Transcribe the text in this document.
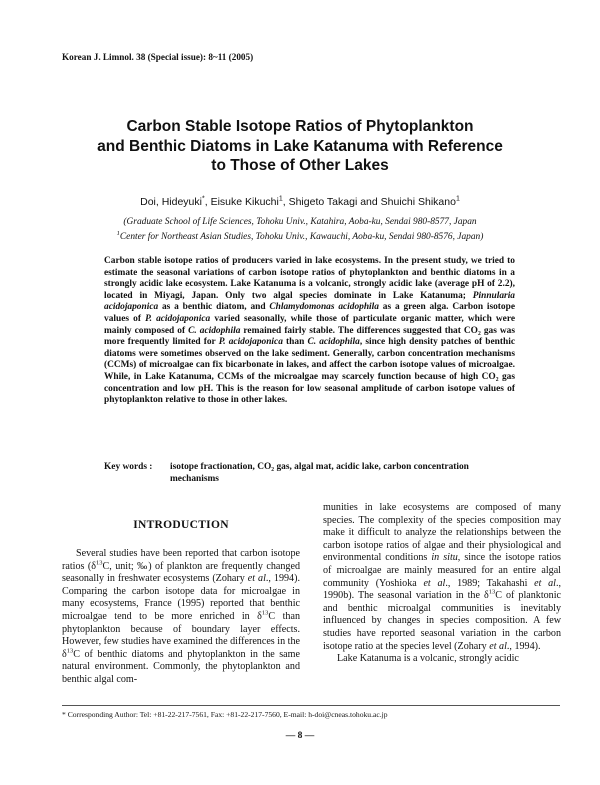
Korean J. Limnol. 38 (Special issue): 8~11 (2005)
Carbon Stable Isotope Ratios of Phytoplankton
and Benthic Diatoms in Lake Katanuma with Reference
to Those of Other Lakes
Doi, Hideyuki*, Eisuke Kikuchi$^1$, Shigeto Takagi and Shuichi Shikano$^1$
(Graduate School of Life Sciences, Tohoku Univ., Katahira, Aoba-ku, Sendai 980-8577, Japan
$^1$Center for Northeast Asian Studies, Tohoku Univ., Kawauchi, Aoba-ku, Sendai 980-8576, Japan)
Carbon stable isotope ratios of producers varied in lake ecosystems. In the present study, we tried to estimate the seasonal variations of carbon isotope ratios of phytoplankton and benthic diatoms in a strongly acidic lake ecosystem. Lake Katanuma is a volcanic, strongly acidic lake (average pH of 2.2), located in Miyagi, Japan. Only two algal species dominate in Lake Katanuma; Pinnularia acidojaponica as a benthic diatom, and Chlamydomonas acidophila as a green alga. Carbon isotope values of P. acidojaponica varied seasonally, while those of particulate organic matter, which were mainly composed of C. acidophila remained fairly stable. The differences suggested that CO₂ gas was more frequently limited for P. acidojaponica than C. acidophila, since high density patches of benthic diatoms were sometimes observed on the lake sediment. Generally, carbon concentration mechanisms (CCMs) of microalgae can fix bicarbonate in lakes, and affect the carbon isotope values of microalgae. While, in Lake Katanuma, CCMs of the microalgae may scarcely function because of high CO₂ gas concentration and low pH. This is the reason for low seasonal amplitude of carbon isotope values of phytoplankton relative to those in other lakes.
Key words : isotope fractionation, CO₂ gas, algal mat, acidic lake, carbon concentration mechanisms
INTRODUCTION

Several studies have been reported that carbon isotope ratios ($\delta^{13}C$, unit; ‰) of plankton are frequently changed seasonally in freshwater ecosystems (Zohary et al., 1994). Comparing the carbon isotope data for microalgae in many ecosystems, France (1995) reported that benthic microalgae tend to be more enriched in $\delta^{13}C$ than phytoplankton because of boundary layer effects. However, few studies have examined the differences in the $\delta^{13}C$ of benthic diatoms and phytoplankton in the same natural environment. Commonly, the phytoplankton and benthic algal com-

munities in lake ecosystems are composed of many species. The complexity of the species composition may make it difficult to analyze the relationships between the carbon isotope ratios of algae and their physiological and environmental conditions in situ, since the isotope ratios of microalgae are mainly measured for an entire algal community (Yoshioka et al., 1989; Takahashi et al., 1990b). The seasonal variation in the $\delta^{13}C$ of planktonic and benthic microalgal communities is inevitably influenced by changes in species composition. A few studies have reported seasonal variation in the carbon isotope ratio at the species level (Zohary et al., 1994).

Lake Katanuma is a volcanic, strongly acidic

* Corresponding Author: Tel: +81-22-217-7561, Fax: +81-22-217-7560, E-mail: h-doi@cneas.tohoku.ac.jp
— 8 —
